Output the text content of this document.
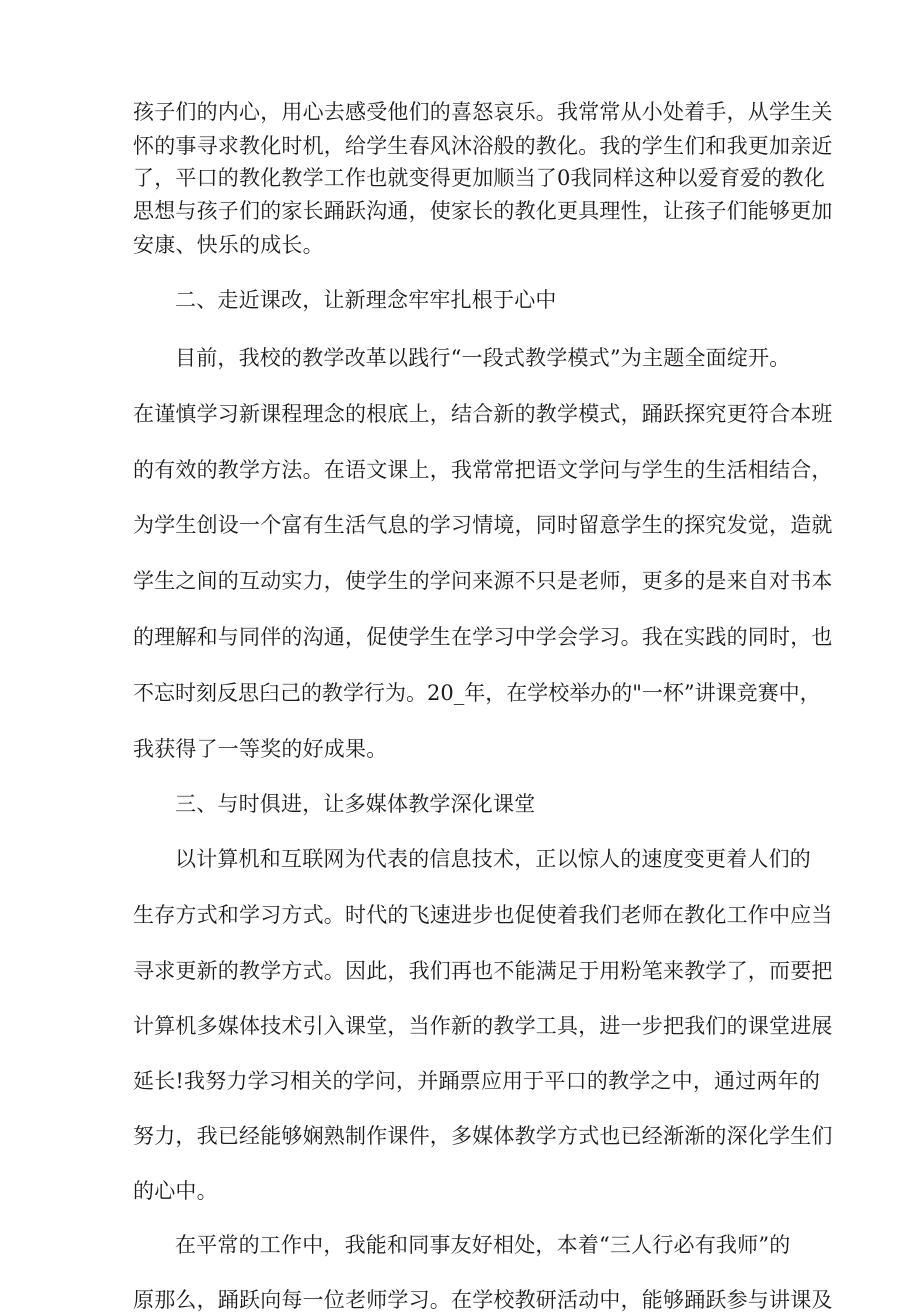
孩子们的内心，用心去感受他们的喜怒哀乐。我常常从小处着手，从学生关
怀的事寻求教化时机，给学生春风沐浴般的教化。我的学生们和我更加亲近
了，平口的教化教学工作也就变得更加顺当了0我同样这种以爱育爱的教化
思想与孩子们的家长踊跃沟通，使家长的教化更具理性，让孩子们能够更加
安康、快乐的成长。
二、走近课改，让新理念牢牢扎根于心中
目前，我校的教学改革以践行“一段式教学模式”为主题全面绽开。
在谨慎学习新课程理念的根底上，结合新的教学模式，踊跃探究更符合本班
的有效的教学方法。在语文课上，我常常把语文学问与学生的生活相结合，
为学生创设一个富有生活气息的学习情境，同时留意学生的探究发觉，造就
学生之间的互动实力，使学生的学问来源不只是老师，更多的是来自对书本
的理解和与同伴的沟通，促使学生在学习中学会学习。我在实践的同时，也
不忘时刻反思臼己的教学行为。20_年，在学校举办的"一杯”讲课竞赛中，
我获得了一等奖的好成果。
三、与时俱进，让多媒体教学深化课堂
以计算机和互联网为代表的信息技术，正以惊人的速度变更着人们的
生存方式和学习方式。时代的飞速进步也促使着我们老师在教化工作中应当
寻求更新的教学方式。因此，我们再也不能满足于用粉笔来教学了，而要把
计算机多媒体技术引入课堂，当作新的教学工具，进一步把我们的课堂进展
延长!我努力学习相关的学问，并踊票应用于平口的教学之中，通过两年的
努力，我已经能够娴熟制作课件，多媒体教学方式也已经渐渐的深化学生们
的心中。
在平常的工作中，我能和同事友好相处，本着“三人行必有我师”的
原那么，踊跃向每一位老师学习。在学校教研活动中，能够踊跃参与讲课及
